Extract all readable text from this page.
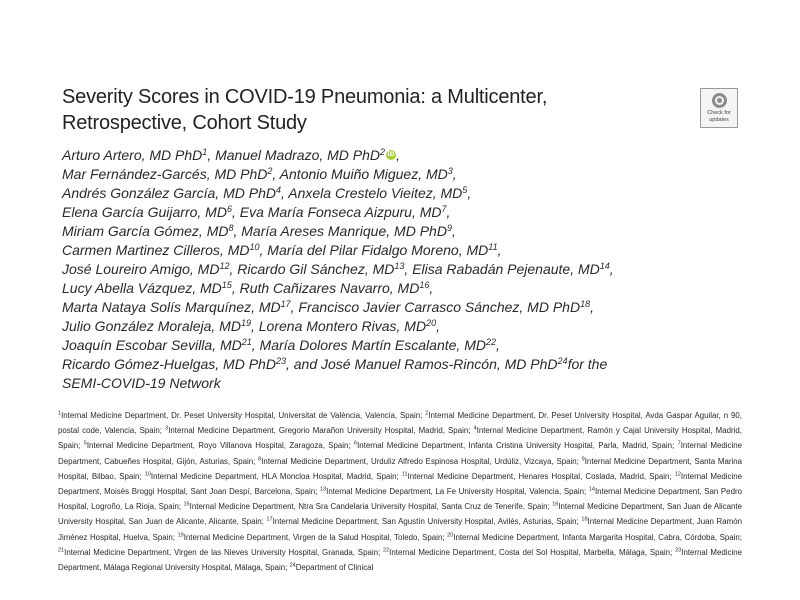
Severity Scores in COVID-19 Pneumonia: a Multicenter,
Retrospective, Cohort Study	Check for
updates
Arturo Artero, MD PhD$^1$, Manuel Madrazo, MD PhD$^2$ iD,
Mar Fernández-Garcés, MD PhD$^2$, Antonio Muiño Miguez, $MD^3$,
Andrés González García, MD PhD$^4$, Anxela Crestelo Vieitez, $MD^5$,
Elena García Guijarro, $MD^6$, Eva María Fonseca Aizpuru, $MD^7$,
Miriam García Gómez, $MD^8$, María Areses Manrique, MD PhD$^9$,
Carmen Martinez Cilleros, MD$^{10}$, María del Pilar Fidalgo Moreno, MD$^{11}$,
José Loureiro Amigo, MD$^{12}$, Ricardo Gil Sánchez, MD$^{13}$, Elisa Rabadán Pejenaute, MD$^{14}$,
Lucy Abella Vázquez, MD$^{15}$, Ruth Cañizares Navarro, MD$^{16}$,
Marta Nataya Solís Marquínez, MD$^{17}$, Francisco Javier Carrasco Sánchez, MD PhD$^{18}$,
Julio González Moraleja, MD$^{19}$, Lorena Montero Rivas, MD$^{20}$,
Joaquín Escobar Sevilla, MD$^{21}$, María Dolores Martín Escalante, MD$^{22}$,
Ricardo Gómez-Huelgas, MD PhD$^{23}$, and José Manuel Ramos-Rincón, MD PhD$^{24}$for the
SEMI-COVID-19 Network

$^1$Internal Medicine Department, Dr. Peset University Hospital, Universitat de València, Valencia, Spain;

$^2$Internal Medicine Department, Dr. Peset University Hospital, Avda Gaspar Aguilar, n 90, postal code, Valencia, Spain;

$^3$Internal Medicine Department, Gregorio Marañon University Hospital, Madrid, Spain;

$^4$Internal Medicine Department, Ramón y Cajal University Hospital, Madrid, Spain;

$^5$Internal Medicine Department, Royo Villanova Hospital, Zaragoza, Spain;

$^6$Internal Medicine Department, Infanta Cristina University Hospital, Parla, Madrid, Spain;

$^7$Internal Medicine Department, Cabueñes Hospital, Gijón, Asturias, Spain;

$^8$Internal Medicine Department, Urduliz Alfredo Espinosa Hospital, Urdúliz, Vizcaya, Spain;

$^9$Internal Medicine Department, Santa Marina Hospital, Bilbao, Spain;

$^{10}$Internal Medicine Department, HLA Moncloa Hospital, Madrid, Spain;

$^{11}$Internal Medicine Department, Henares Hospital, Coslada, Madrid, Spain;

$^{12}$Internal Medicine Department, Moisès Broggi Hospital, Sant Joan Despí, Barcelona, Spain;

$^{13}$Internal Medicine Department, La Fe University Hospital, Valencia, Spain;

$^{14}$Internal Medicine Department, San Pedro Hospital, Logroño, La Rioja, Spain;

$^{15}$Internal Medicine Department, Ntra Sra Candelaria University Hospital, Santa Cruz de Tenerife, Spain;

$^{16}$Internal Medicine Department, San Juan de Alicante University Hospital, San Juan de Alicante, Alicante, Spain;

$^{17}$Internal Medicine Department, San Agustín University Hospital, Avilés, Asturias, Spain;

$^{18}$Internal Medicine Department, Juan Ramón Jiménez Hospital, Huelva, Spain;

$^{19}$Internal Medicine Department, Virgen de la Salud Hospital, Toledo, Spain;

$^{20}$Internal Medicine Department, Infanta Margarita Hospital, Cabra, Córdoba, Spain;

$^{21}$Internal Medicine Department, Virgen de las Nieves University Hospital, Granada, Spain;

$^{22}$Internal Medicine Department, Costa del Sol Hospital, Marbella, Málaga, Spain;

$^{23}$Internal Medicine Department, Málaga Regional University Hospital, Málaga, Spain;

$^{24}$Department of Clinical
